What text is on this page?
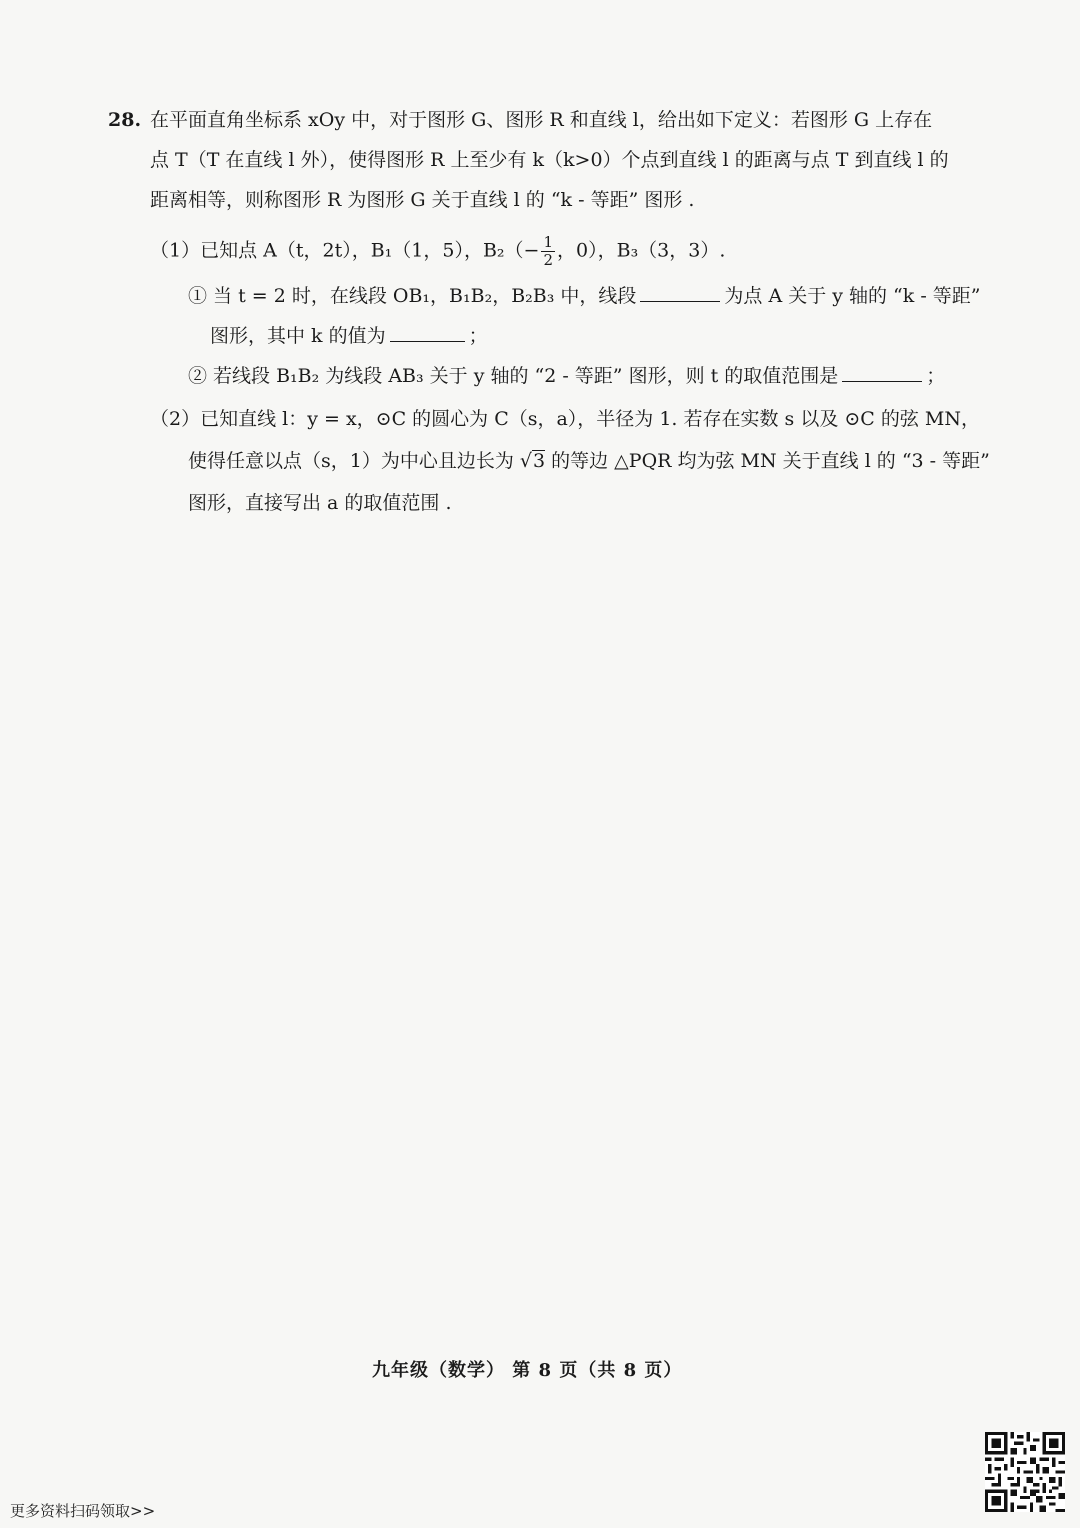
28. 在平面直角坐标系 xOy 中，对于图形 G、图形 R 和直线 l，给出如下定义：若图形 G 上存在
点 T（T 在直线 l 外），使得图形 R 上至少有 k（k>0）个点到直线 l 的距离与点 T 到直线 l 的
距离相等，则称图形 R 为图形 G 关于直线 l 的 “k - 等距” 图形 .
（1）已知点 A（t，2t），B₁（1，5），$B_2(- \frac{1}{2}$ ，0），B₃（3，3）.
① 当 t = 2 时，在线段 OB₁，B₁B₂，B₂B₃ 中，线段	为点 A 关于 y 轴的 “k - 等距”
图形，其中 k 的值为	；
② 若线段 B₁B₂ 为线段 AB₃ 关于 y 轴的 “2 - 等距” 图形，则 t 的取值范围是	；
（2）已知直线 l：y = x，⊙C 的圆心为 C（s，a），半径为 1. 若存在实数 s 以及 ⊙C 的弦 MN，
使得任意以点（s，1）为中心且边长为 √3 的等边 △PQR 均为弦 MN 关于直线 l 的 “3 - 等距”
图形，直接写出 a 的取值范围 .
九年级（数学） 第 8 页（共 8 页）
更多资料扫码领取>>
